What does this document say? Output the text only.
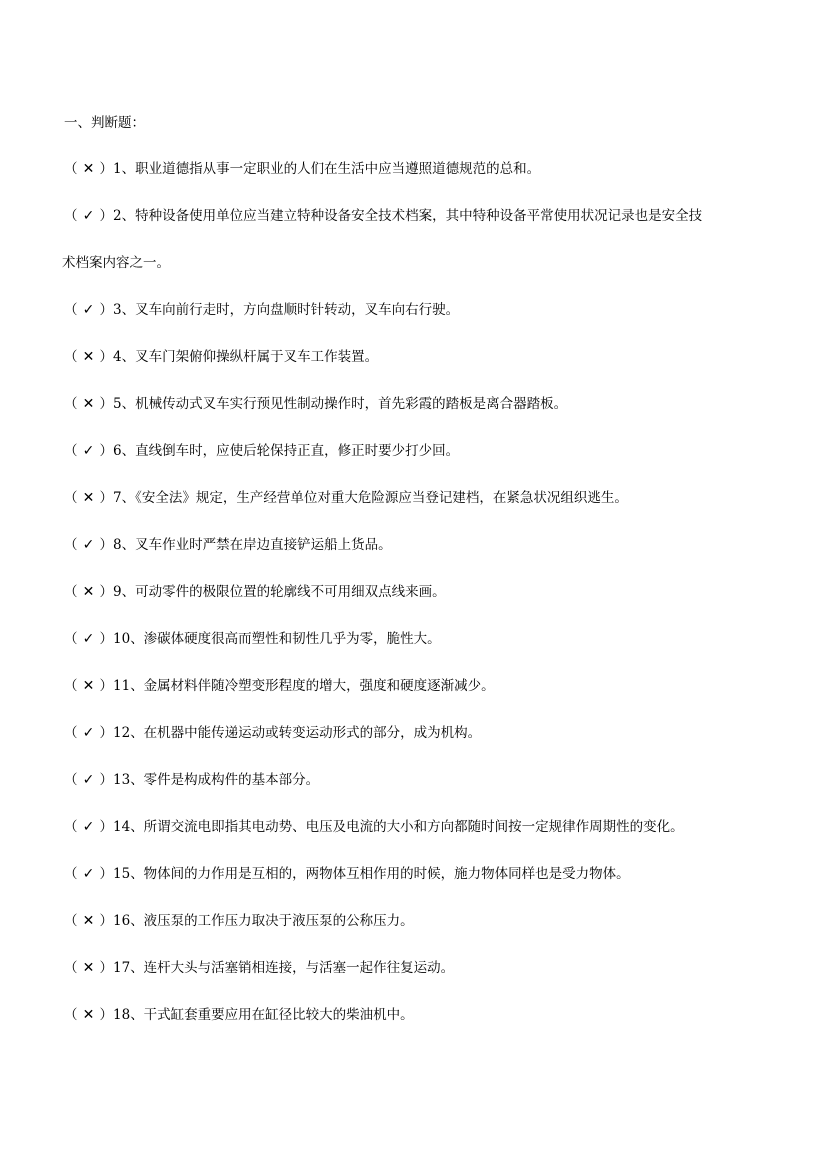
一、判断题：
（ ✕ ）1、职业道德指从事一定职业的人们在生活中应当遵照道德规范的总和。
（ ✓ ）2、特种设备使用单位应当建立特种设备安全技术档案，其中特种设备平常使用状况记录也是安全技
术档案内容之一。
（ ✓ ）3、叉车向前行走时，方向盘顺时针转动，叉车向右行驶。
（ ✕ ）4、叉车门架俯仰操纵杆属于叉车工作装置。
（ ✕ ）5、机械传动式叉车实行预见性制动操作时，首先彩霞的踏板是离合器踏板。
（ ✓ ）6、直线倒车时，应使后轮保持正直，修正时要少打少回。
（ ✕ ）7、《安全法》规定，生产经营单位对重大危险源应当登记建档，在紧急状况组织逃生。
（ ✓ ）8、叉车作业时严禁在岸边直接铲运船上货品。
（ ✕ ）9、可动零件的极限位置的轮廓线不可用细双点线来画。
（ ✓ ）10、渗碳体硬度很高而塑性和韧性几乎为零，脆性大。
（ ✕ ）11、金属材料伴随冷塑变形程度的增大，强度和硬度逐渐减少。
（ ✓ ）12、在机器中能传递运动或转变运动形式的部分，成为机构。
（ ✓ ）13、零件是构成构件的基本部分。
（ ✓ ）14、所谓交流电即指其电动势、电压及电流的大小和方向都随时间按一定规律作周期性的变化。
（ ✓ ）15、物体间的力作用是互相的，两物体互相作用的时候，施力物体同样也是受力物体。
（ ✕ ）16、液压泵的工作压力取决于液压泵的公称压力。
（ ✕ ）17、连杆大头与活塞销相连接，与活塞一起作往复运动。
（ ✕ ）18、干式缸套重要应用在缸径比较大的柴油机中。
